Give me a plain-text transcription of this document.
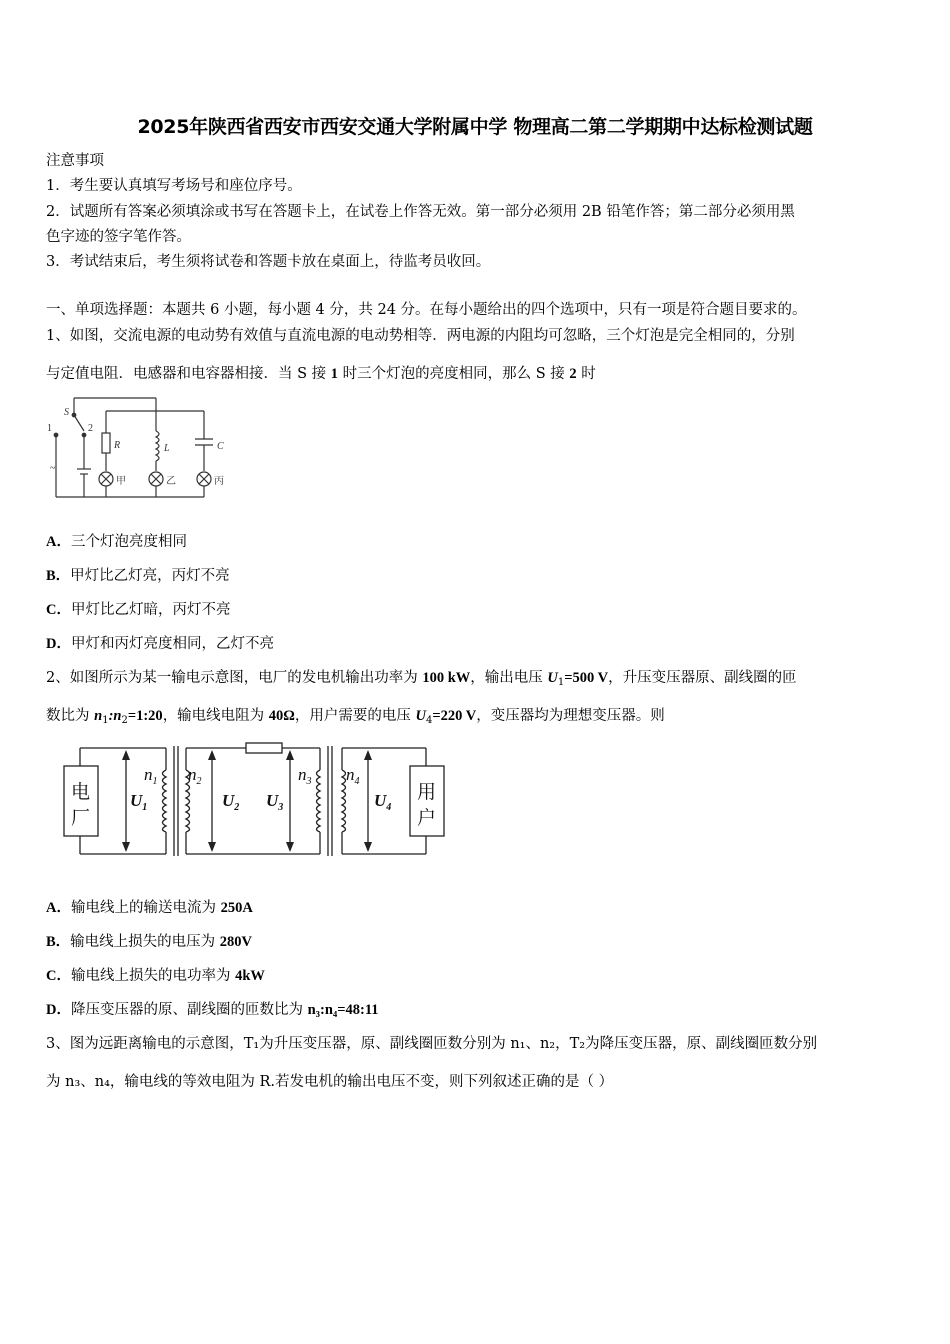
2025年陕西省西安市西安交通大学附属中学 物理高二第二学期期中达标检测试题
注意事项
1．考生要认真填写考场号和座位序号。
2．试题所有答案必须填涂或书写在答题卡上，在试卷上作答无效。第一部分必须用 2B 铅笔作答；第二部分必须用黑
色字迹的签字笔作答。
3．考试结束后，考生须将试卷和答题卡放在桌面上，待监考员收回。
一、单项选择题：本题共 6 小题，每小题 4 分，共 24 分。在每小题给出的四个选项中，只有一项是符合题目要求的。
1、如图，交流电源的电动势有效值与直流电源的电动势相等．两电源的内阻均可忽略，三个灯泡是完全相同的，分别
与定值电阻．电感器和电容器相接．当 S 接 1 时三个灯泡的亮度相同，那么 S 接 2 时
S
1	2
~
R	L	C
甲	乙	丙
A．三个灯泡亮度相同
B．甲灯比乙灯亮，丙灯不亮
C．甲灯比乙灯暗，丙灯不亮
D．甲灯和丙灯亮度相同，乙灯不亮
2、如图所示为某一输电示意图，电厂的发电机输出功率为 100 kW，输出电压 $U_1=500$ V，升压变压器原、副线圈的匝
数比为 $n_1:n_2=1:20$，输电线电阻为 40Ω，用户需要的电压 $U_4=220$ V，变压器均为理想变压器。则
电
厂
用
户
$U_1$	$U_2$ $U_3$	$U_4$
$n_1$ $n_2$	$n_3$ $n_4$
A．输电线上的输送电流为 250A
B．输电线上损失的电压为 280V
C．输电线上损失的电功率为 4kW
D．降压变压器的原、副线圈的匝数比为 n₃:n₄=48:11
3、图为远距离输电的示意图，T₁为升压变压器，原、副线圈匝数分别为 n₁、n₂，T₂为降压变压器，原、副线圈匝数分别
为 n₃、n₄，输电线的等效电阻为 R.若发电机的输出电压不变，则下列叙述正确的是（ ）
